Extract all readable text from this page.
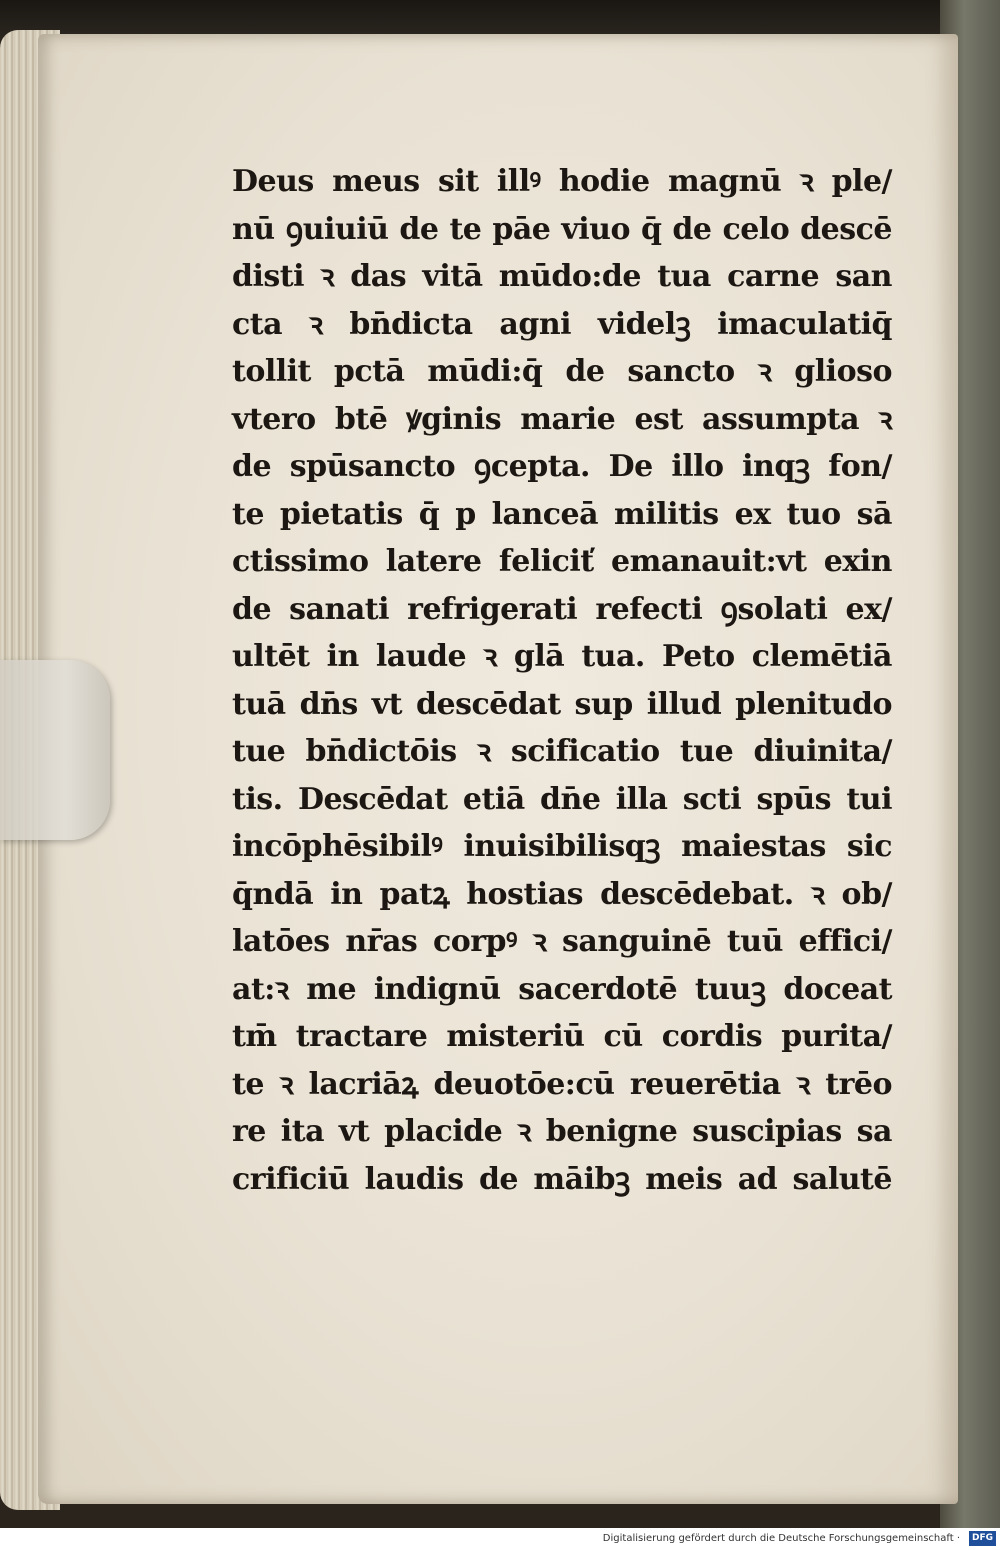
Deus meus sit illꝰ hodie magnū ꝛ ple/
nū ꝯuiuiū de te pāe viuo q̄ de celo descē
disti ꝛ das vitā mūdo:de tua carne san
cta ꝛ bn̄dicta agni videlꝫ imaculatiq̄
tollit pctā mūdi:q̄ de sancto ꝛ glioso
vtero btē ꝟginis marie est assumpta ꝛ
de spūsancto ꝯcepta. De illo inqꝫ fon/
te pietatis q̄ p lanceā militis ex tuo sā
ctissimo latere feliciť emanauit:vt exin
de sanati refrigerati refecti ꝯsolati ex/
ultēt in laude ꝛ glā tua. Peto clemētiā
tuā dn̄s vt descēdat sup illud plenitudo
tue bn̄dictōis ꝛ scificatio tue diuinita/
tis. Descēdat etiā dn̄e illa scti spūs tui
incōphēsibilꝰ inuisibilisqꝫ maiestas sic
q̄ndā in patꝝ hostias descēdebat. ꝛ ob/
latōes nr̄as corpꝰ ꝛ sanguinē tuū effici/
at:ꝛ me indignū sacerdotē tuuꝫ doceat
tm̄ tractare misteriū cū cordis purita/
te ꝛ lacriāꝝ deuotōe:cū reuerētia ꝛ trēo
re ita vt placide ꝛ benigne suscipias sa
crificiū laudis de māibꝫ meis ad salutē
Digitalisierung gefördert durch die Deutsche Forschungsgemeinschaft ·	DFG
